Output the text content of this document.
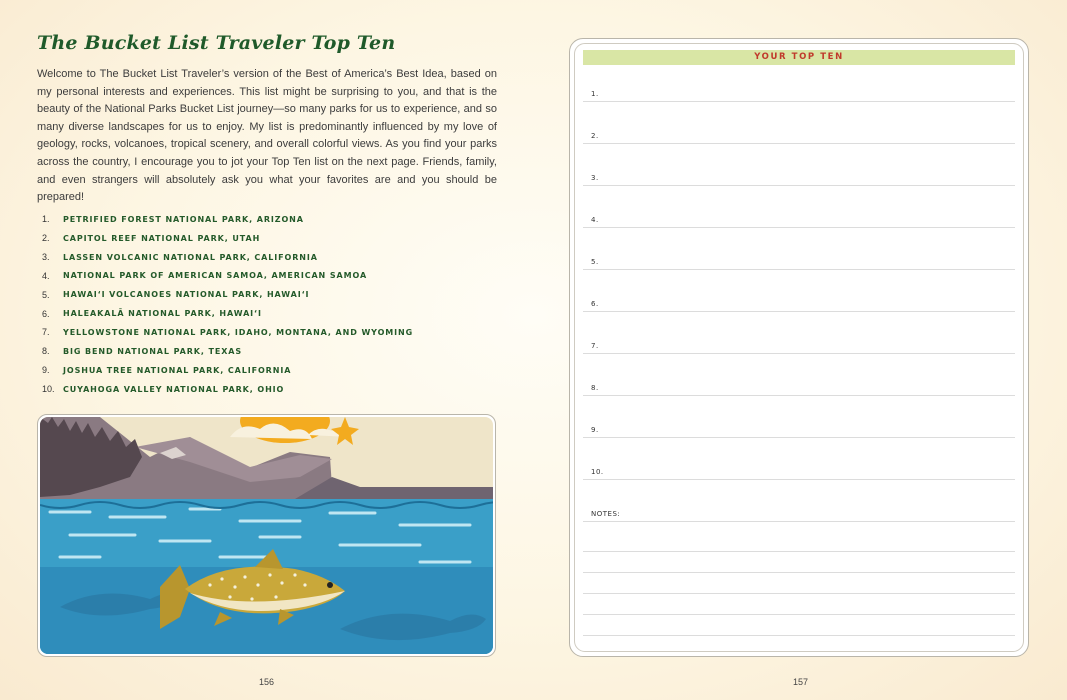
The Bucket List Traveler Top Ten

Welcome to The Bucket List Traveler’s version of the Best of America’s Best Idea, based on my personal interests and experiences. This list might be surprising to you, and that is the beauty of the National Parks Bucket List journey—so many parks for us to experience, and so many diverse landscapes for us to enjoy. My list is predominantly influenced by my love of geology, rocks, volcanoes, tropical scenery, and overall colorful views. As you find your parks across the country, I encourage you to jot your Top Ten list on the next page. Friends, family, and even strangers will absolutely ask you what your favorites are and you should be prepared!

1.	PETRIFIED FOREST NATIONAL PARK, ARIZONA
2.	CAPITOL REEF NATIONAL PARK, UTAH
3.	LASSEN VOLCANIC NATIONAL PARK, CALIFORNIA
4.	NATIONAL PARK OF AMERICAN SAMOA, AMERICAN SAMOA
5.	HAWAI‘I VOLCANOES NATIONAL PARK, HAWAI‘I
6.	HALEAKALĀ NATIONAL PARK, HAWAI‘I
7.	YELLOWSTONE NATIONAL PARK, IDAHO, MONTANA, AND WYOMING
8.	BIG BEND NATIONAL PARK, TEXAS
9.	JOSHUA TREE NATIONAL PARK, CALIFORNIA
10.	CUYAHOGA VALLEY NATIONAL PARK, OHIO
156
YOUR TOP TEN
1.
2.
3.
4.
5.
6.
7.
8.
9.
10.
NOTES:
157
